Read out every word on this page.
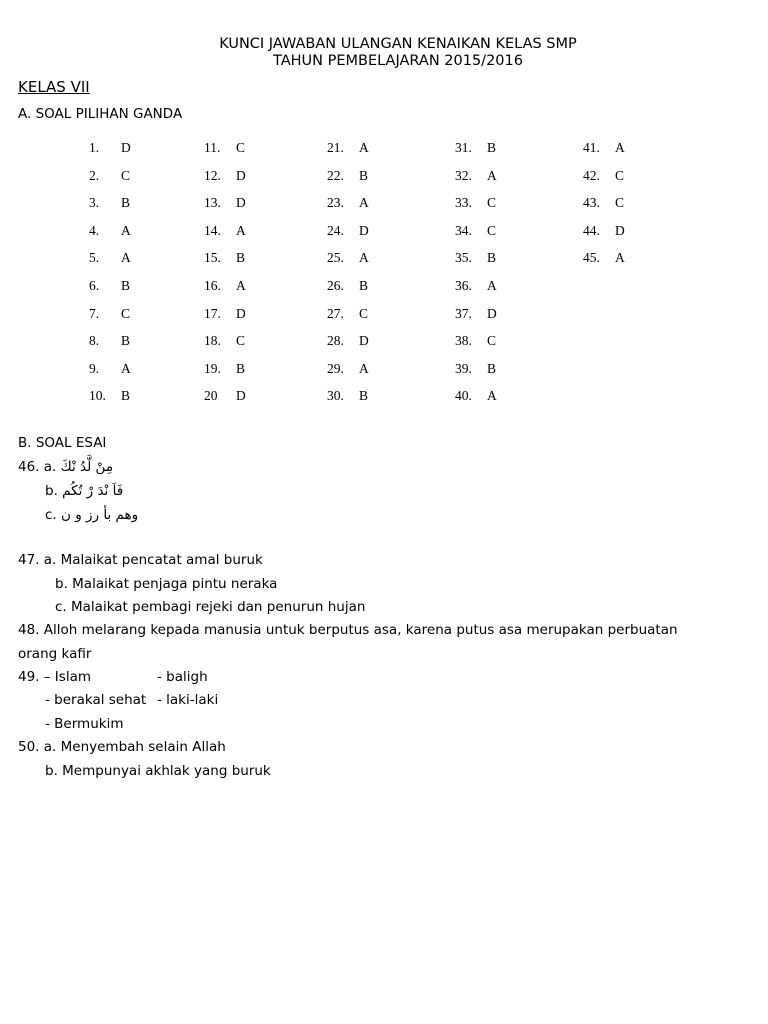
KUNCI JAWABAN ULANGAN KENAIKAN KELAS SMP
TAHUN PEMBELAJARAN 2015/2016
KELAS VII
A. SOAL PILIHAN GANDA
1. D
2. C
3. B
4. A
5. A
6. B
7. C
8. B
9. A
10. B
11. C
12. D
13. D
14. A
15. B
16. A
17. D
18. C
19. B
20 D
21. A
22. B
23. A
24. D
25. A
26. B
27. C
28. D
29. A
30. B
31. B
32. A
33. C
34. C
35. B
36. A
37. D
38. C
39. B
40. A
41. A
42. C
43. C
44. D
45. A
B. SOAL ESAI
46. a. مِنْ لَّدُ نْكَ
b. فَاَ نْدَ رْ تُكُم
c. وهم بأ رز و ن
47. a. Malaikat pencatat amal buruk
b. Malaikat penjaga pintu neraka
c. Malaikat pembagi rejeki dan penurun hujan
48. Alloh melarang kepada manusia untuk berputus asa, karena putus asa merupakan perbuatan
orang kafir
49. – Islam	- baligh
- berakal sehat - laki-laki
- Bermukim
50. a. Menyembah selain Allah
b. Mempunyai akhlak yang buruk
